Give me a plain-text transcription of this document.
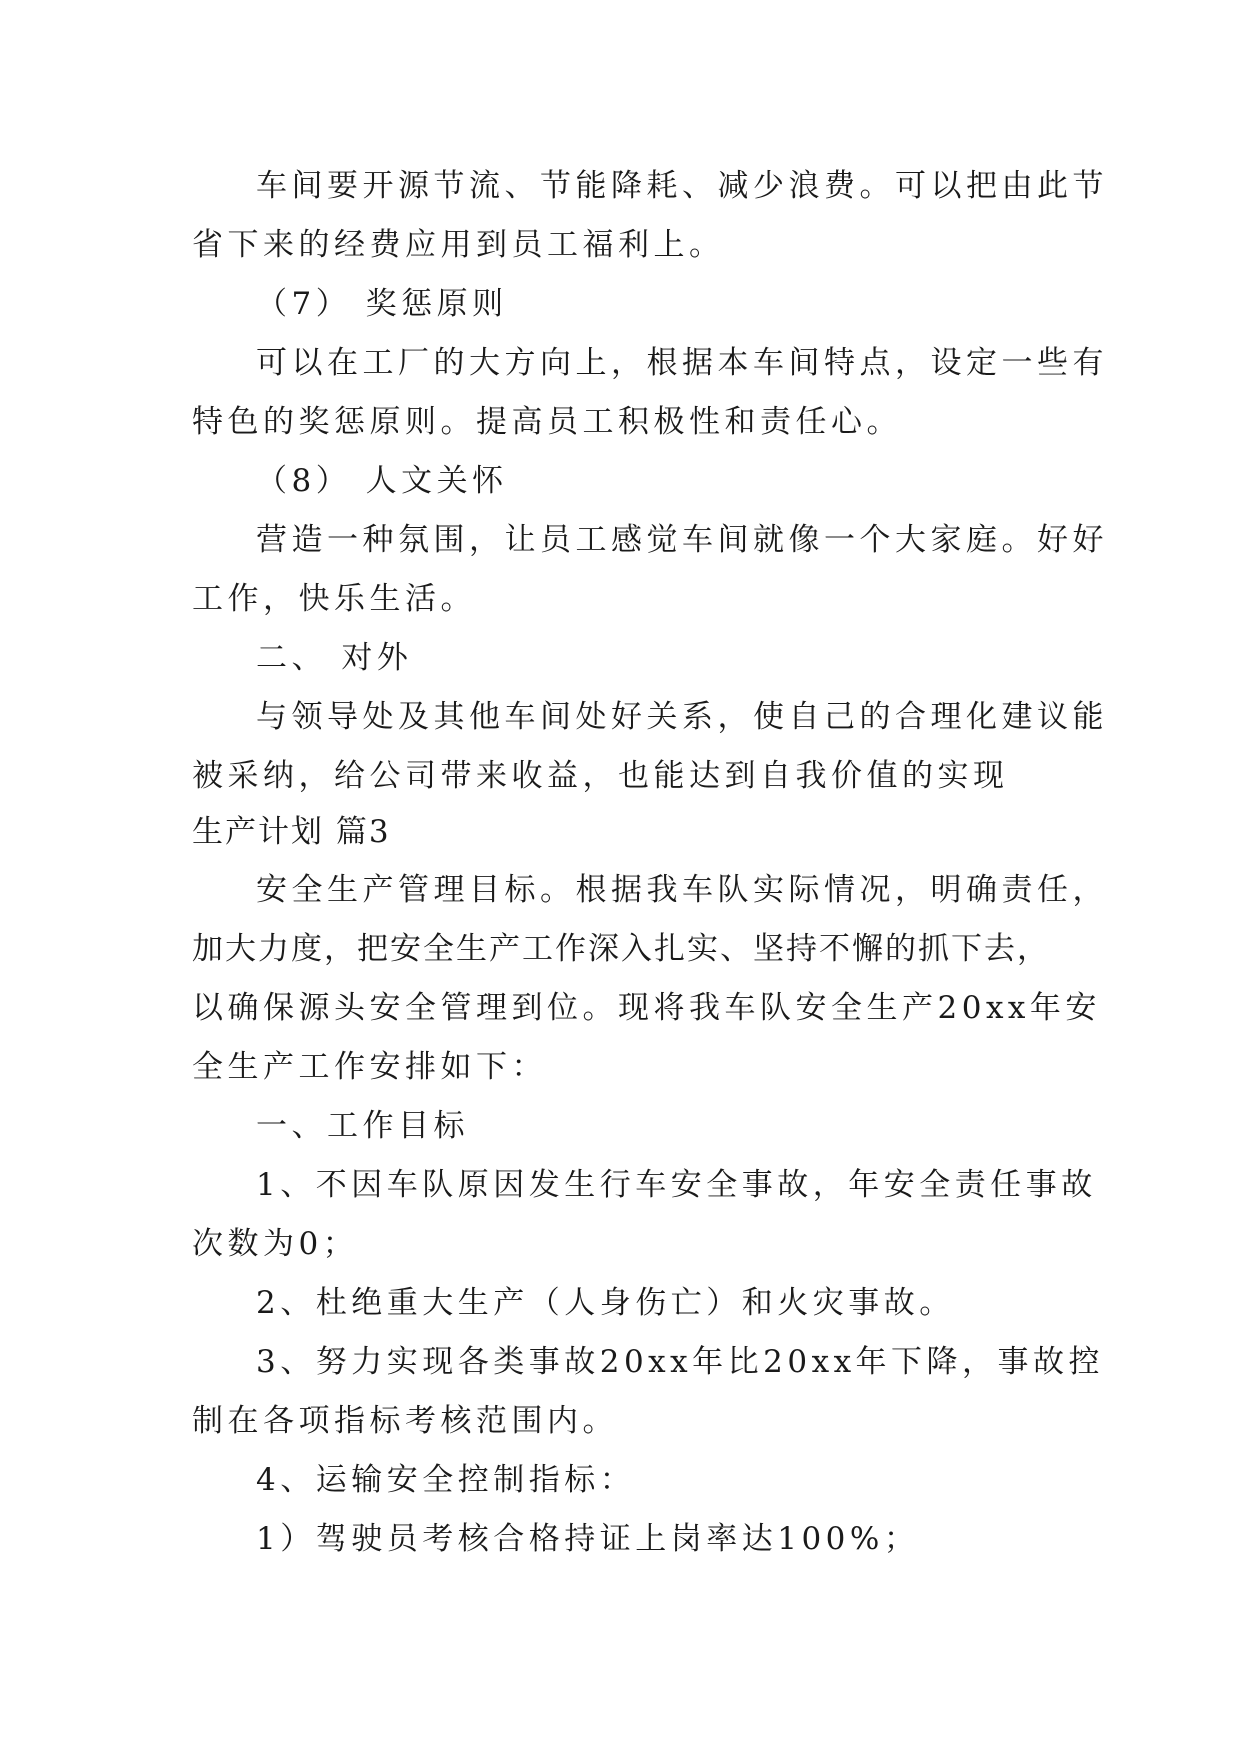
车间要开源节流、节能降耗、减少浪费。可以把由此节
省下来的经费应用到员工福利上。
（7） 奖惩原则
可以在工厂的大方向上，根据本车间特点，设定一些有
特色的奖惩原则。提高员工积极性和责任心。
（8） 人文关怀
营造一种氛围，让员工感觉车间就像一个大家庭。好好
工作，快乐生活。
二、 对外
与领导处及其他车间处好关系，使自己的合理化建议能
被采纳，给公司带来收益，也能达到自我价值的实现
生产计划 篇3
安全生产管理目标。根据我车队实际情况，明确责任，
加大力度，把安全生产工作深入扎实、坚持不懈的抓下去，
以确保源头安全管理到位。现将我车队安全生产20xx年安
全生产工作安排如下：
一、工作目标
1、不因车队原因发生行车安全事故，年安全责任事故
次数为0；
2、杜绝重大生产（人身伤亡）和火灾事故。
3、努力实现各类事故20xx年比20xx年下降，事故控
制在各项指标考核范围内。
4、运输安全控制指标：
1）驾驶员考核合格持证上岗率达100%；
